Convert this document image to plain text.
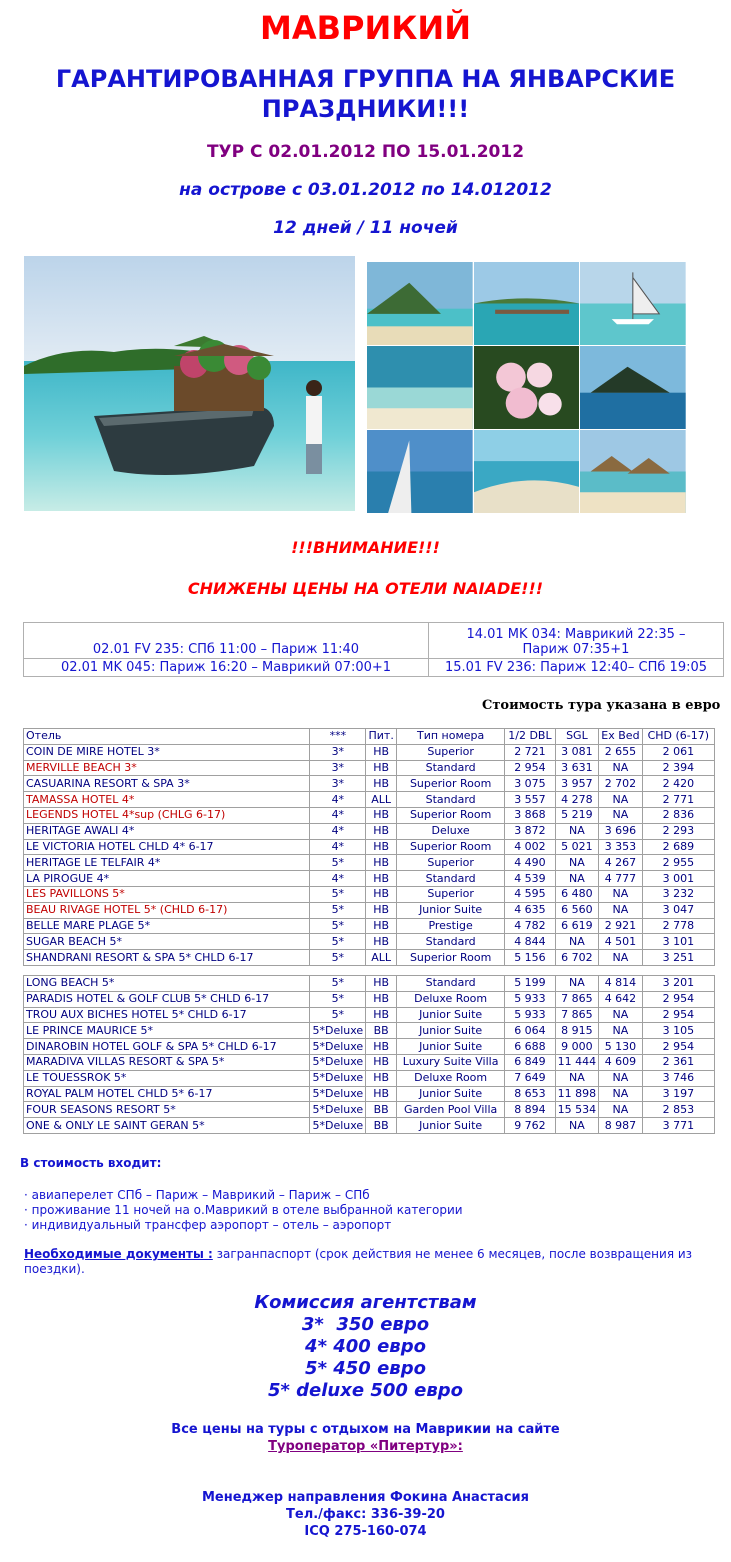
МАВРИКИЙ
ГАРАНТИРОВАННАЯ ГРУППА НА ЯНВАРСКИЕ
ПРАЗДНИКИ!!!
ТУР С 02.01.2012 ПО 15.01.2012
на острове с 03.01.2012 по 14.012012
12 дней / 11 ночей
!!!ВНИМАНИЕ!!!
СНИЖЕНЫ ЦЕНЫ НА ОТЕЛИ NAIADE!!!
02.01 FV 235: СПб 11:00 – Париж 11:40	14.01 MK 034: Маврикий 22:35 –
Париж 07:35+1
02.01 MK 045: Париж 16:20 – Маврикий 07:00+1	15.01 FV 236: Париж 12:40– СПб 19:05
Стоимость тура указана в евро
Отель	***	Пит.	Тип номера	1/2 DBL	SGL	Ex Bed	CHD (6-17)
COIN DE MIRE HOTEL 3*	3*	HB	Superior	2 721	3 081	2 655	2 061
MERVILLE BEACH 3*	3*	HB	Standard	2 954	3 631	NA	2 394
CASUARINA RESORT & SPA 3*	3*	HB	Superior Room	3 075	3 957	2 702	2 420
TAMASSA HOTEL 4*	4*	ALL	Standard	3 557	4 278	NA	2 771
LEGENDS HOTEL 4*sup (CHLG 6-17)	4*	HB	Superior Room	3 868	5 219	NA	2 836
HERITAGE AWALI 4*	4*	HB	Deluxe	3 872	NA	3 696	2 293
LE VICTORIA HOTEL CHLD 4* 6-17	4*	HB	Superior Room	4 002	5 021	3 353	2 689
HERITAGE LE TELFAIR 4*	5*	HB	Superior	4 490	NA	4 267	2 955
LA PIROGUE 4*	4*	HB	Standard	4 539	NA	4 777	3 001
LES PAVILLONS 5*	5*	HB	Superior	4 595	6 480	NA	3 232
BEAU RIVAGE HOTEL 5* (CHLD 6-17)	5*	HB	Junior Suite	4 635	6 560	NA	3 047
BELLE MARE PLAGE 5*	5*	HB	Prestige	4 782	6 619	2 921	2 778
SUGAR BEACH 5*	5*	HB	Standard	4 844	NA	4 501	3 101
SHANDRANI RESORT & SPA 5* CHLD 6-17	5*	ALL	Superior Room	5 156	6 702	NA	3 251

LONG BEACH 5*	5*	HB	Standard	5 199	NA	4 814	3 201
PARADIS HOTEL & GOLF CLUB 5* CHLD 6-17	5*	HB	Deluxe Room	5 933	7 865	4 642	2 954
TROU AUX BICHES HOTEL 5* CHLD 6-17	5*	HB	Junior Suite	5 933	7 865	NA	2 954
LE PRINCE MAURICE 5*	5*Deluxe	BB	Junior Suite	6 064	8 915	NA	3 105
DINAROBIN HOTEL GOLF & SPA 5* CHLD 6-17	5*Deluxe	HB	Junior Suite	6 688	9 000	5 130	2 954
MARADIVA VILLAS RESORT & SPA 5*	5*Deluxe	HB	Luxury Suite Villa	6 849	11 444	4 609	2 361
LE TOUESSROK 5*	5*Deluxe	HB	Deluxe Room	7 649	NA	NA	3 746
ROYAL PALM HOTEL CHLD 5* 6-17	5*Deluxe	HB	Junior Suite	8 653	11 898	NA	3 197
FOUR SEASONS RESORT 5*	5*Deluxe	BB	Garden Pool Villa	8 894	15 534	NA	2 853
ONE & ONLY LE SAINT GERAN 5*	5*Deluxe	BB	Junior Suite	9 762	NA	8 987	3 771
В стоимость входит:
· авиаперелет СПб – Париж – Маврикий – Париж – СПб
· проживание 11 ночей на о.Маврикий в отеле выбранной категории
· индивидуальный трансфер аэропорт – отель – аэропорт
Необходимые документы : загранпаспорт (срок действия не менее 6 месяцев, после возвращения из поездки).
Комиссия агентствам
3*  350 евро
4* 400 евро
5* 450 евро
5* deluxe 500 евро
Все цены на туры с отдыхом на Маврикии на сайте
Туроператор «Питертур»:
Менеджер направления Фокина Анастасия
Тел./факс: 336-39-20
ICQ 275-160-074
